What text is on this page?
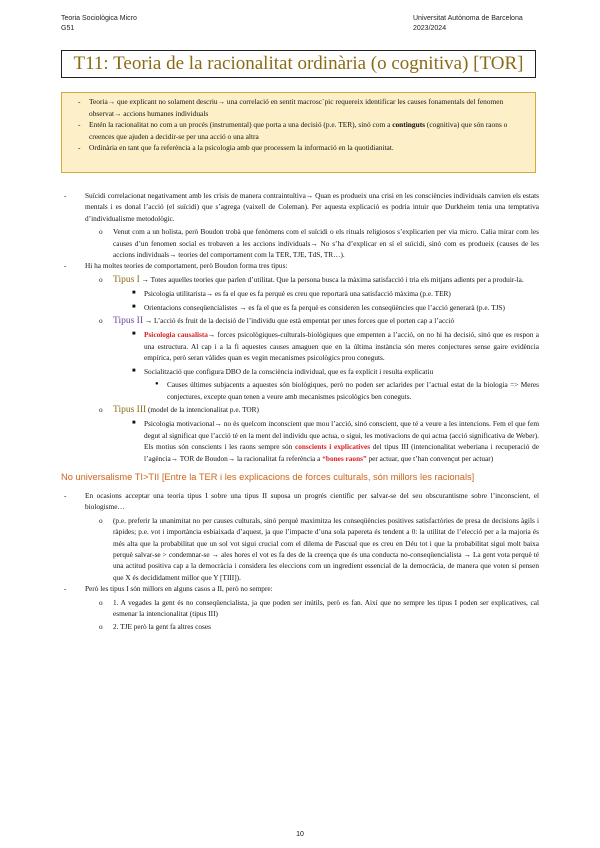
Teoria Sociològica Micro
G51
Universitat Autònoma de Barcelona
2023/2024
T11: Teoria de la racionalitat ordinària (o cognitiva) [TOR]
- Teoria→ que explicant no solament descriu→ una correlació en sentit macrosc`pic requereix identificar les causes fonamentals del fenomen observat→ accions humanes individuals
- Entén la racionalitat no com a un procés (instrumental) que porta a una decisió (p.e. TER), sinó com a continguts (cognitiva) que són raons o creences que ajuden a decidir-se per una acció o una altra
- Ordinària en tant que fa referència a la psicologia amb que processem la informació en la quotidianitat.
-	Suïcidi correlacionat negativament amb les crisis de manera contraintuïtiva→ Quan es produeix una crisi en les consciències individuals canvien els estats mentals i es donal l’acció (el suïcidi) que s’agrega (vaixell de Coleman). Per aquesta explicació es podria intuir que Durkheim tenia una temptativa d’individualisme metodològic.
o Venut com a un holista, però Boudon trobà que fenòmens com el suïcidi o els rituals religiosos s’explicarien per via micro. Calia mirar com les causes d’un fenomen social es trobaven a les accions individuals→ No s’ha d’explicar en sí el suïcidi, sinó com es produeix (causes de les accions individuals→ teories del comportament com la TER, TJE, TdS, TR…).
-	Hi ha moltes teories de comportament, però Boudon forma tres tipus:
o Tipus I → Totes aquelles teories que parlen d’utilitat. Que la persona busca la màxima satisfacció i tria els mitjans adients per a produir-la.
■ Psicologia utilitarista→ es fa el que es fa perquè es creu que reportarà una satisfacció màxima (p.e. TER)
■ Orientacions conseqüencialistes → es fa el que es fa perquè es consideren les conseqüències que l’acció generarà (p.e. TJS)
o Tipus II → L’acció és fruit de la decisió de l’individu que està empentat per unes forces que el porten cap a l’acció
■ Psicologia causalista→ forces psicològiques-culturals-biològiques que empenten a l’acció, on no hi ha decisió, sinó que es respon a una estructura. Al cap i a la fi aquestes causes amaguen que en la última instància són meres conjectures sense gaire evidència empírica, però seran vàlides quan es vegin mecanismes psicològics prou coneguts.
■ Socialització que configura DBO de la consciència individual, que es fa explícit i resulta explicatiu
● Causes últimes subjacents a aquestes són biològiques, però no poden ser aclarides per l’actual estat de la biologia => Meres conjectures, excepte quan tenen a veure amb mecanismes psicològics ben coneguts.
o Tipus III (model de la intencionalitat p.e. TOR)
■ Psicologia motivacional→ no és quelcom inconscient que mou l’acció, sinó conscient, que té a veure a les intencions. Fem el que fem degut al significat que l’acció té en la ment del individu que actua, o sigui, les motivacions de qui actua (acció significativa de Weber). Els motius són conscients i les raons sempre són conscients i explicatives del tipus III (intencionalitat weberiana i recuperació de l’agència→ TOR de Boudon→ la racionalitat fa referència a “bones raons” per actuar, que t’han convençut per actuar)
No universalisme TI>TII [Entre la TER i les explicacions de forces culturals, són millors les racionals]
-	En ocasions acceptar una teoria tipus I sobre una tipus II suposa un progrés científic per salvar-se del seu obscurantisme sobre l’inconscient, el biologisme…
o (p.e. preferir la unanimitat no per causes culturals, sinó perquè maximitza les conseqüències positives satisfactòries de presa de decisions àgils i ràpides; p.e. vot i importància esbiaixada d’aquest, ja que l’impacte d’una sola papereta és tendent a 0: la utilitat de l’elecció per a la majoria és més alta que la probabilitat que un sol vot sigui crucial com el dilema de Pascual que es creu en Déu tot i que la probabilitat sigui molt baixa perquè salvar-se > condemnar-se → ales hores el vot es fa des de la creença que és una conducta no-conseqüencialista → La gent vota perquè té una actitud positiva cap a la democràcia i considera les eleccions com un ingredient essencial de la democràcia, de manera que voten si pensen que X és decididament millor que Y [TIII]).
-	Però les tipus I són millors en alguns casos a II, però no sempre:
o 1. A vegades la gent és no conseqüencialista, ja que poden ser inútils, però es fan. Així que no sempre les tipus I poden ser explicatives, cal esmenar la intencionalitat (tipus III)
o 2. TJE però la gent fa altres coses
10
